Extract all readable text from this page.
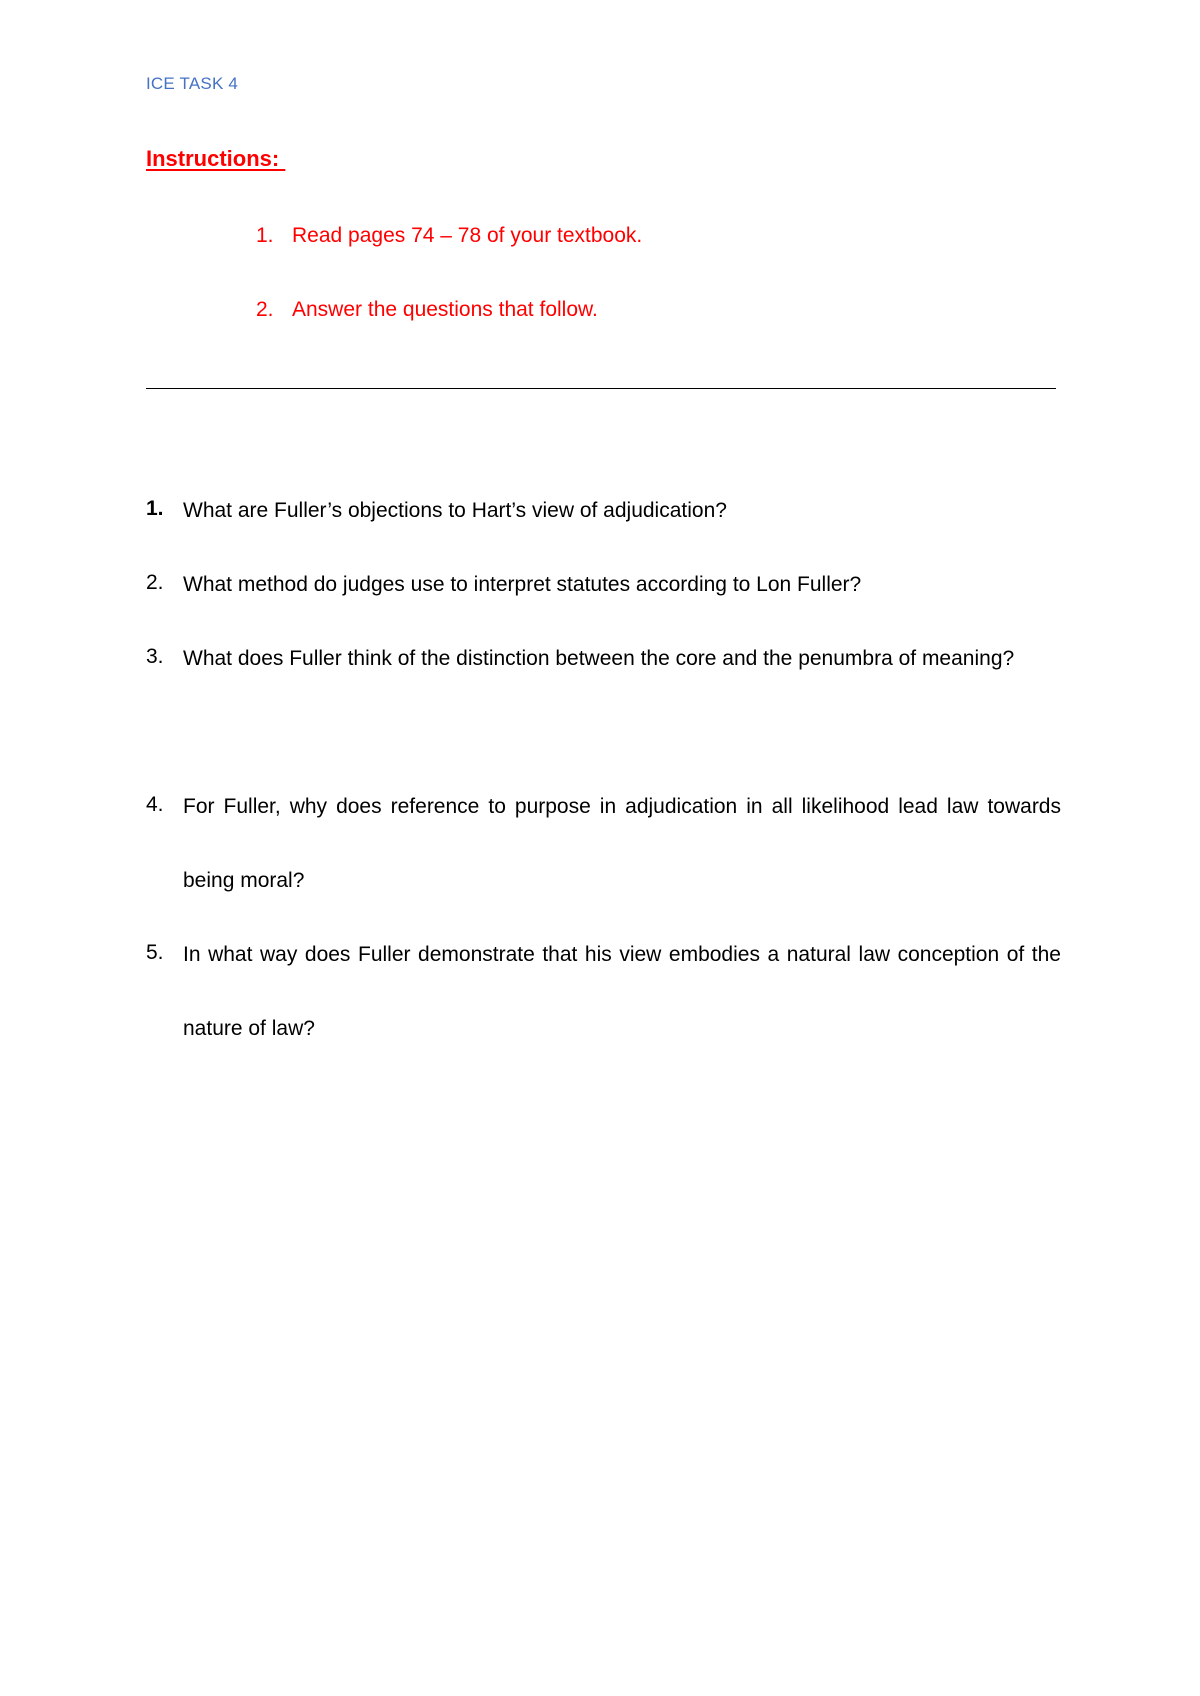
ICE TASK 4
Instructions:
1. Read pages 74 – 78 of your textbook.
2. Answer the questions that follow.
1. What are Fuller’s objections to Hart’s view of adjudication?
2. What method do judges use to interpret statutes according to Lon Fuller?
3. What does Fuller think of the distinction between the core and the penumbra of meaning?
4. For Fuller, why does reference to purpose in adjudication in all likelihood lead law towards being moral?
5. In what way does Fuller demonstrate that his view embodies a natural law conception of the nature of law?
